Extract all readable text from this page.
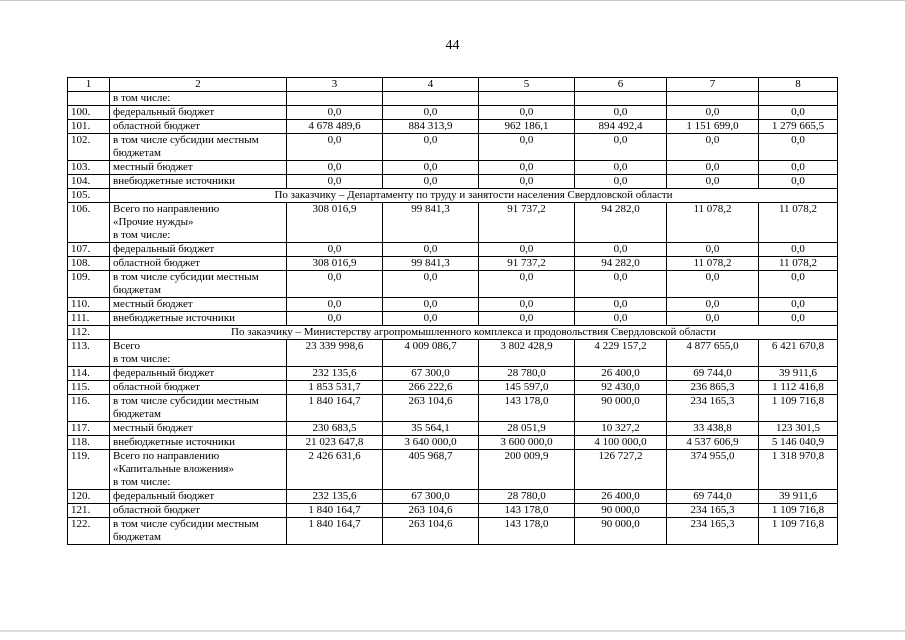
44
1	2	3	4	5	6	7	8
	в том числе:						
100.	федеральный бюджет	0,0	0,0	0,0	0,0	0,0	0,0
101.	областной бюджет	4 678 489,6	884 313,9	962 186,1	894 492,4	1 151 699,0	1 279 665,5
102.	в том числе субсидии местным
бюджетам	0,0	0,0	0,0	0,0	0,0	0,0
103.	местный бюджет	0,0	0,0	0,0	0,0	0,0	0,0
104.	внебюджетные источники	0,0	0,0	0,0	0,0	0,0	0,0
105.	По заказчику – Департаменту по труду и занятости населения Свердловской области						
106.	Всего по направлению
«Прочие нужды»
в том числе:	308 016,9	99 841,3	91 737,2	94 282,0	11 078,2	11 078,2
107.	федеральный бюджет	0,0	0,0	0,0	0,0	0,0	0,0
108.	областной бюджет	308 016,9	99 841,3	91 737,2	94 282,0	11 078,2	11 078,2
109.	в том числе субсидии местным
бюджетам	0,0	0,0	0,0	0,0	0,0	0,0
110.	местный бюджет	0,0	0,0	0,0	0,0	0,0	0,0
111.	внебюджетные источники	0,0	0,0	0,0	0,0	0,0	0,0
112.	По заказчику – Министерству агропромышленного комплекса и продовольствия Свердловской области						
113.	Всего
в том числе:	23 339 998,6	4 009 086,7	3 802 428,9	4 229 157,2	4 877 655,0	6 421 670,8
114.	федеральный бюджет	232 135,6	67 300,0	28 780,0	26 400,0	69 744,0	39 911,6
115.	областной бюджет	1 853 531,7	266 222,6	145 597,0	92 430,0	236 865,3	1 112 416,8
116.	в том числе субсидии местным
бюджетам	1 840 164,7	263 104,6	143 178,0	90 000,0	234 165,3	1 109 716,8
117.	местный бюджет	230 683,5	35 564,1	28 051,9	10 327,2	33 438,8	123 301,5
118.	внебюджетные источники	21 023 647,8	3 640 000,0	3 600 000,0	4 100 000,0	4 537 606,9	5 146 040,9
119.	Всего по направлению
«Капитальные вложения»
в том числе:	2 426 631,6	405 968,7	200 009,9	126 727,2	374 955,0	1 318 970,8
120.	федеральный бюджет	232 135,6	67 300,0	28 780,0	26 400,0	69 744,0	39 911,6
121.	областной бюджет	1 840 164,7	263 104,6	143 178,0	90 000,0	234 165,3	1 109 716,8
122.	в том числе субсидии местным
бюджетам	1 840 164,7	263 104,6	143 178,0	90 000,0	234 165,3	1 109 716,8
